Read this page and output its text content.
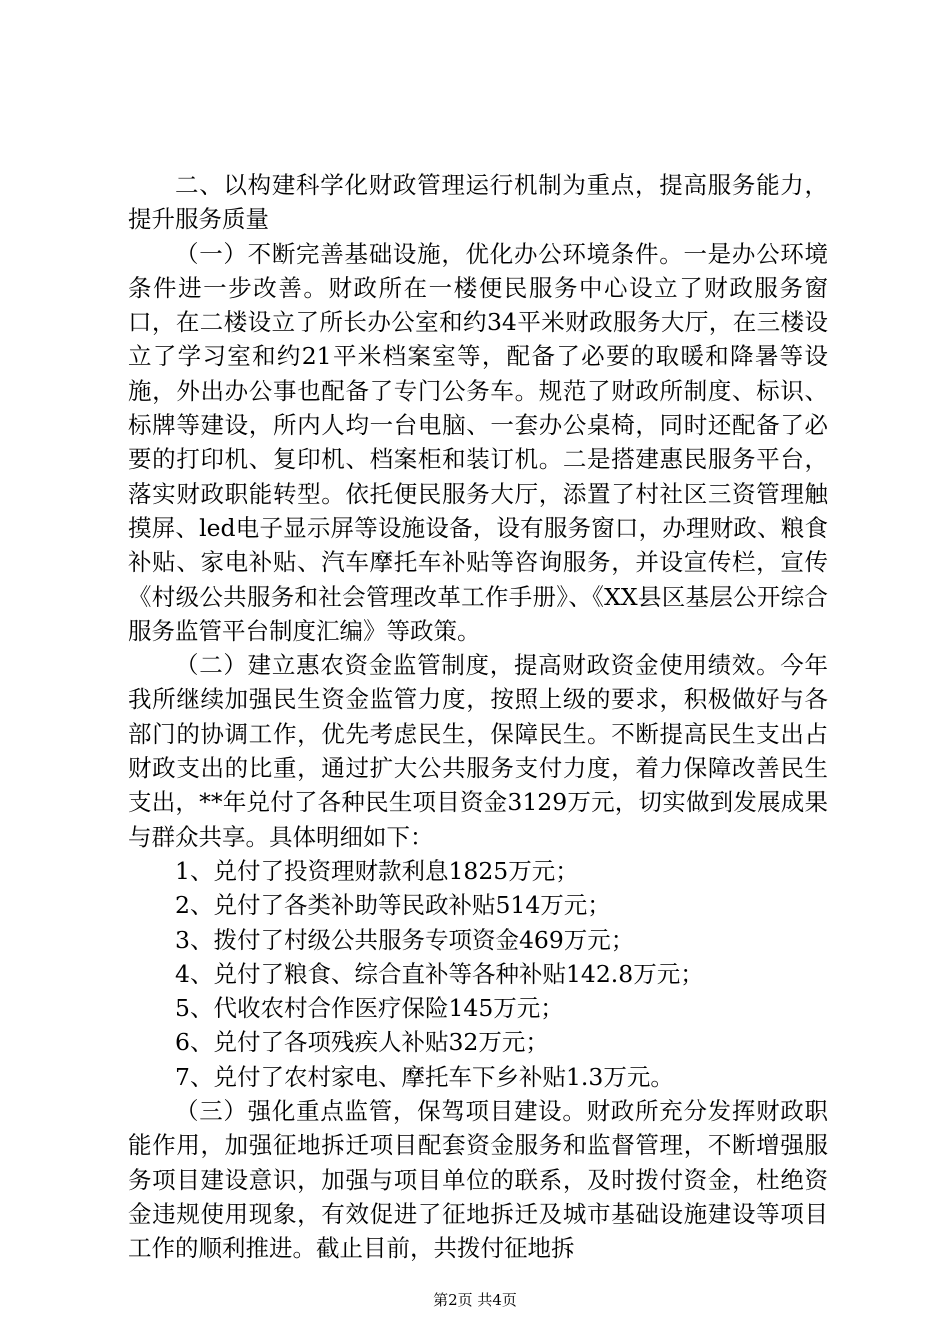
二、以构建科学化财政管理运行机制为重点，提高服务能力，提升服务质量

（一）不断完善基础设施，优化办公环境条件。一是办公环境条件进一步改善。财政所在一楼便民服务中心设立了财政服务窗口，在二楼设立了所长办公室和约34平米财政服务大厅，在三楼设立了学习室和约21平米档案室等，配备了必要的取暖和降暑等设施，外出办公事也配备了专门公务车。规范了财政所制度、标识、标牌等建设，所内人均一台电脑、一套办公桌椅，同时还配备了必要的打印机、复印机、档案柜和装订机。二是搭建惠民服务平台，落实财政职能转型。依托便民服务大厅，添置了村社区三资管理触摸屏、led电子显示屏等设施设备，设有服务窗口，办理财政、粮食补贴、家电补贴、汽车摩托车补贴等咨询服务，并设宣传栏，宣传《村级公共服务和社会管理改革工作手册》、《XX县区基层公开综合服务监管平台制度汇编》等政策。

（二）建立惠农资金监管制度，提高财政资金使用绩效。今年我所继续加强民生资金监管力度，按照上级的要求，积极做好与各部门的协调工作，优先考虑民生，保障民生。不断提高民生支出占财政支出的比重，通过扩大公共服务支付力度，着力保障改善民生支出，**年兑付了各种民生项目资金3129万元，切实做到发展成果与群众共享。具体明细如下：

1、兑付了投资理财款利息1825万元；

2、兑付了各类补助等民政补贴514万元；

3、拨付了村级公共服务专项资金469万元；

4、兑付了粮食、综合直补等各种补贴142.8万元；

5、代收农村合作医疗保险145万元；

6、兑付了各项残疾人补贴32万元；

7、兑付了农村家电、摩托车下乡补贴1.3万元。

（三）强化重点监管，保驾项目建设。财政所充分发挥财政职能作用，加强征地拆迁项目配套资金服务和监督管理，不断增强服务项目建设意识，加强与项目单位的联系，及时拨付资金，杜绝资金违规使用现象，有效促进了征地拆迁及城市基础设施建设等项目工作的顺利推进。截止目前，共拨付征地拆

第2页 共4页
